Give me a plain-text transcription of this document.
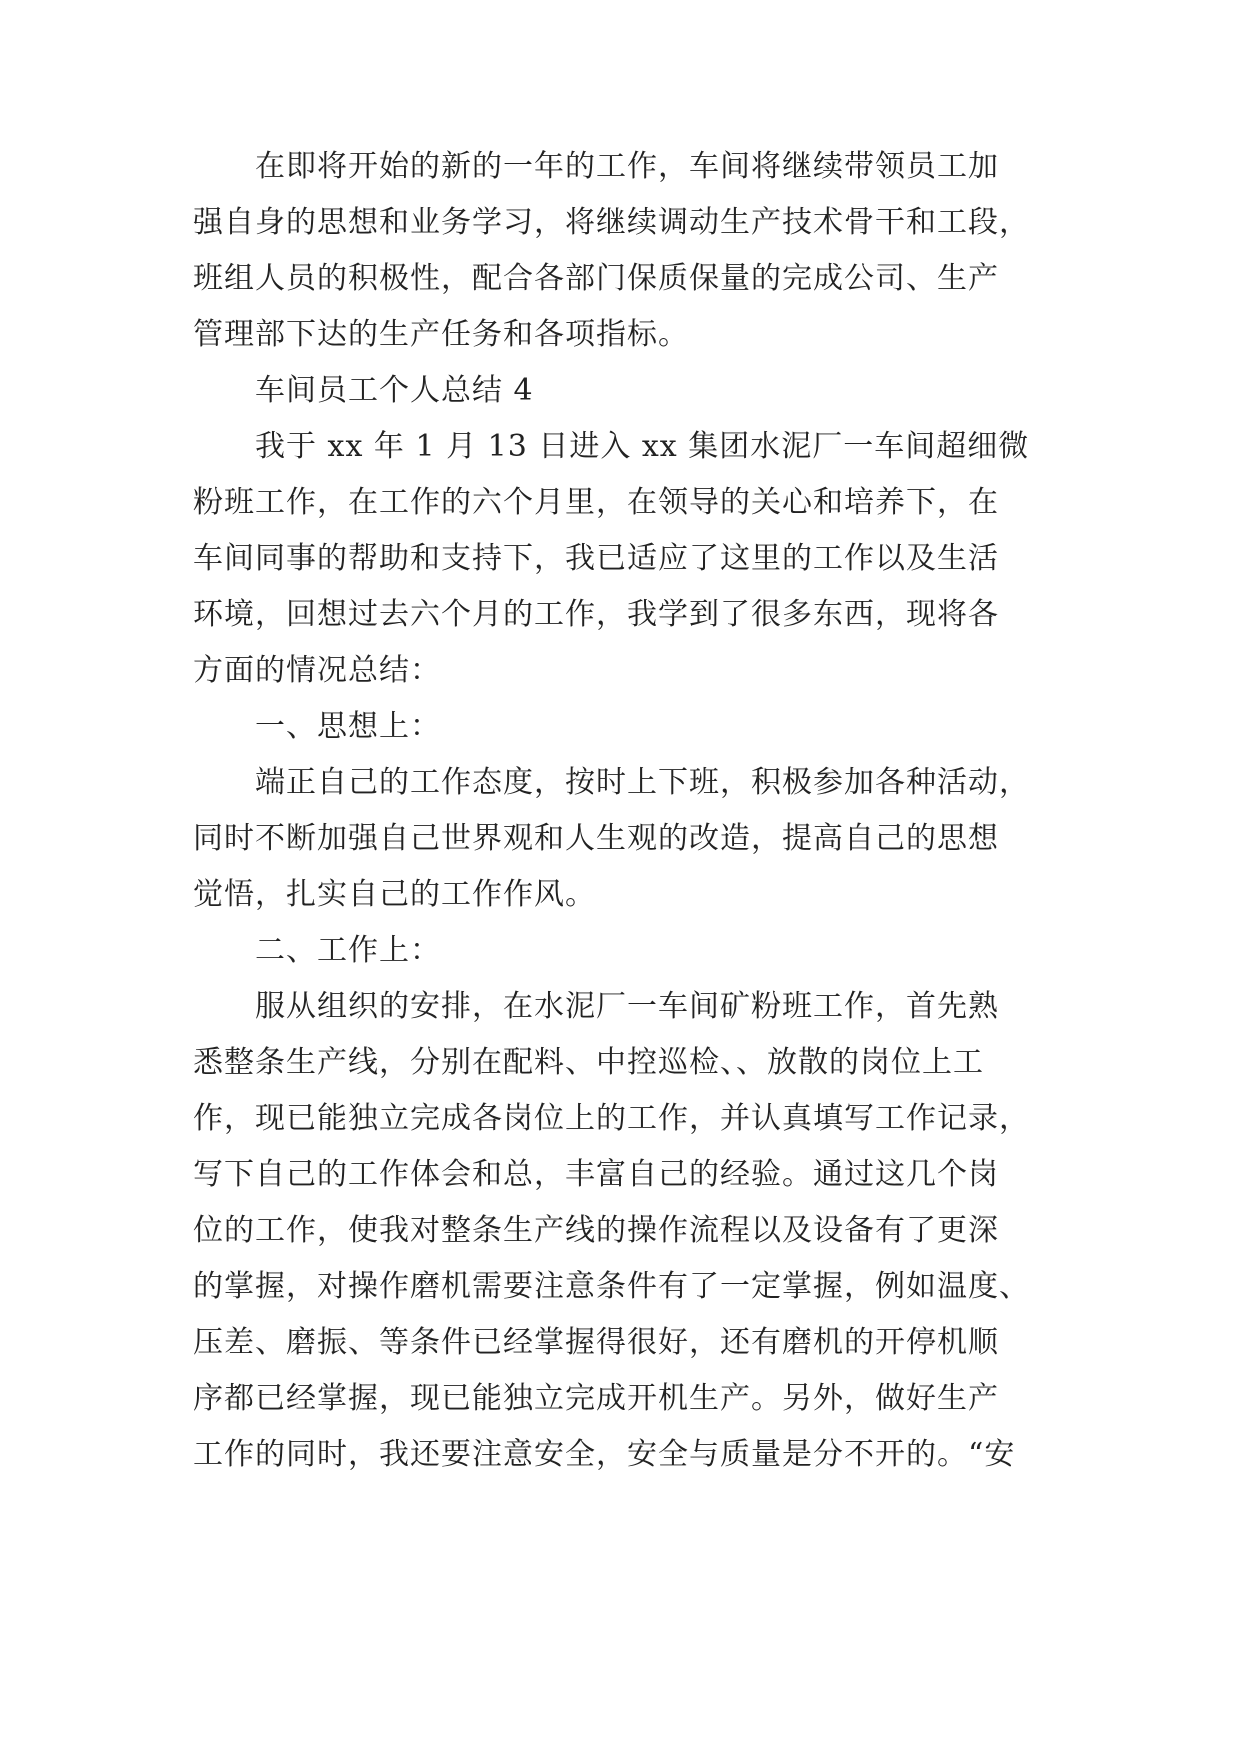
在即将开始的新的一年的工作，车间将继续带领员工加

强自身的思想和业务学习，将继续调动生产技术骨干和工段，

班组人员的积极性，配合各部门保质保量的完成公司、生产

管理部下达的生产任务和各项指标。

车间员工个人总结 4

我于 xx 年 1 月 13 日进入 xx 集团水泥厂一车间超细微

粉班工作，在工作的六个月里，在领导的关心和培养下，在

车间同事的帮助和支持下，我已适应了这里的工作以及生活

环境，回想过去六个月的工作，我学到了很多东西，现将各

方面的情况总结：

一、思想上：

端正自己的工作态度，按时上下班，积极参加各种活动，

同时不断加强自己世界观和人生观的改造，提高自己的思想

觉悟，扎实自己的工作作风。

二、工作上：

服从组织的安排，在水泥厂一车间矿粉班工作，首先熟

悉整条生产线，分别在配料、中控巡检、、放散的岗位上工

作，现已能独立完成各岗位上的工作，并认真填写工作记录，

写下自己的工作体会和总，丰富自己的经验。通过这几个岗

位的工作，使我对整条生产线的操作流程以及设备有了更深

的掌握，对操作磨机需要注意条件有了一定掌握，例如温度、

压差、磨振、等条件已经掌握得很好，还有磨机的开停机顺

序都已经掌握，现已能独立完成开机生产。另外，做好生产

工作的同时，我还要注意安全，安全与质量是分不开的。“安
